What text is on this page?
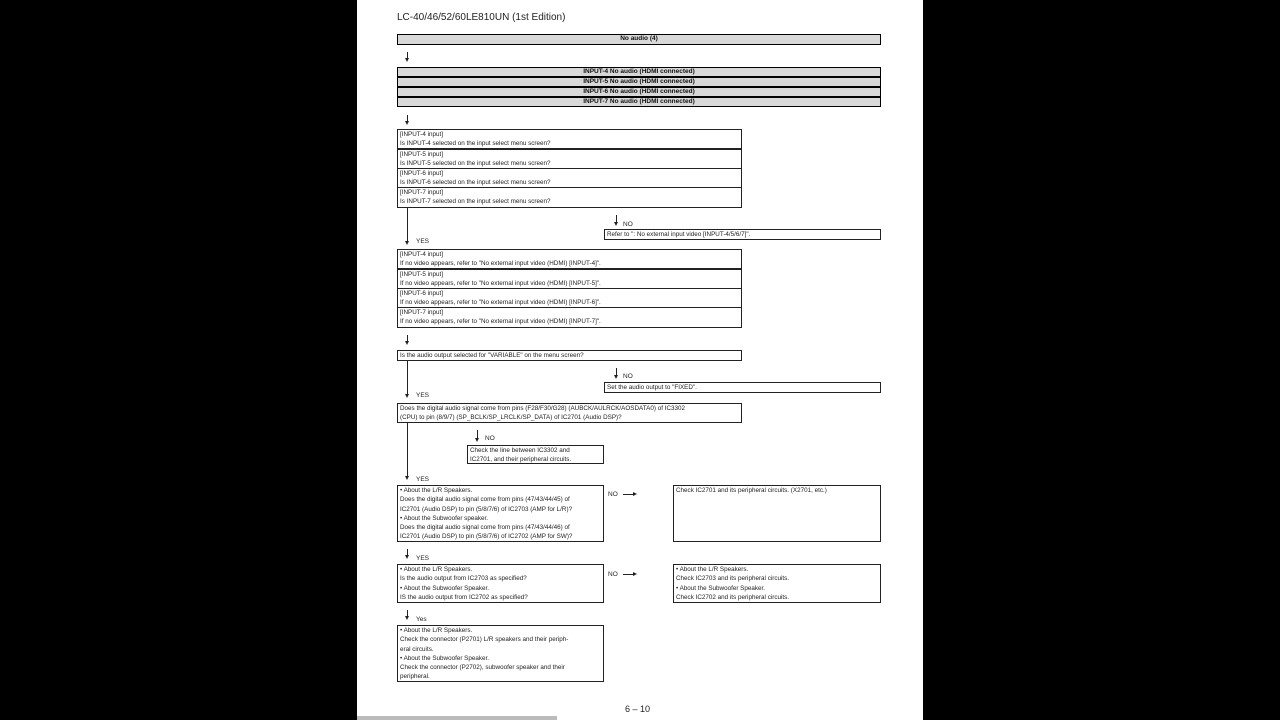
LC-40/46/52/60LE810UN (1st Edition)
No audio (4)
INPUT-4 No audio (HDMI connected)
INPUT-5 No audio (HDMI connected)
INPUT-6 No audio (HDMI connected)
INPUT-7 No audio (HDMI connected)
[INPUT-4 input]
Is INPUT-4 selected on the input select menu screen?
[INPUT-5 input]
Is INPUT-5 selected on the input select menu screen?
[INPUT-6 input]
Is INPUT-6 selected on the input select menu screen?
[INPUT-7 input]
Is INPUT-7 selected on the input select menu screen?
NO
Refer to ": No external input video [INPUT-4/5/6/7]".
YES
[INPUT-4 input]
If no video appears, refer to "No external input video (HDMI) [INPUT-4]".
[INPUT-5 input]
If no video appears, refer to "No external input video (HDMI) [INPUT-5]".
[INPUT-6 input]
If no video appears, refer to "No external input video (HDMI) [INPUT-6]".
[INPUT-7 input]
If no video appears, refer to "No external input video (HDMI) [INPUT-7]".
Is the audio output selected for "VARIABLE" on the menu screen?
NO
Set the audio output to "FIXED".
YES
Does the digital audio signal come from pins (F28/F30/G28) (AUBCK/AULRCK/AOSDATA0) of IC3302
(CPU) to pin (8/9/7) (SP_BCLK/SP_LRCLK/SP_DATA) of IC2701 (Audio DSP)?
NO
Check the line between IC3302 and
IC2701, and their peripheral circuits.
YES
• About the L/R Speakers.
Does the digital audio signal come from pins (47/43/44/45) of
IC2701 (Audio DSP) to pin (5/8/7/6) of IC2703 (AMP for L/R)?
• About the Subwoofer speaker.
Does the digital audio signal come from pins (47/43/44/46) of
IC2701 (Audio DSP) to pin (5/8/7/6) of IC2702 (AMP for SW)?
NO
Check IC2701 and its peripheral circuits. (X2701, etc.)
YES
• About the L/R Speakers.
Is the audio output from IC2703 as specified?
• About the Subwoofer Speaker.
IS the audio output from IC2702 as specified?
NO
• About the L/R Speakers.
Check IC2703 and its peripheral circuits.
• About the Subwoofer Speaker.
Check IC2702 and its peripheral circuits.
Yes
• About the L/R Speakers.
Check the connector (P2701) L/R speakers and their periph-
eral circuits.
• About the Subwoofer Speaker.
Check the connector (P2702), subwoofer speaker and their
peripheral.
6 – 10
